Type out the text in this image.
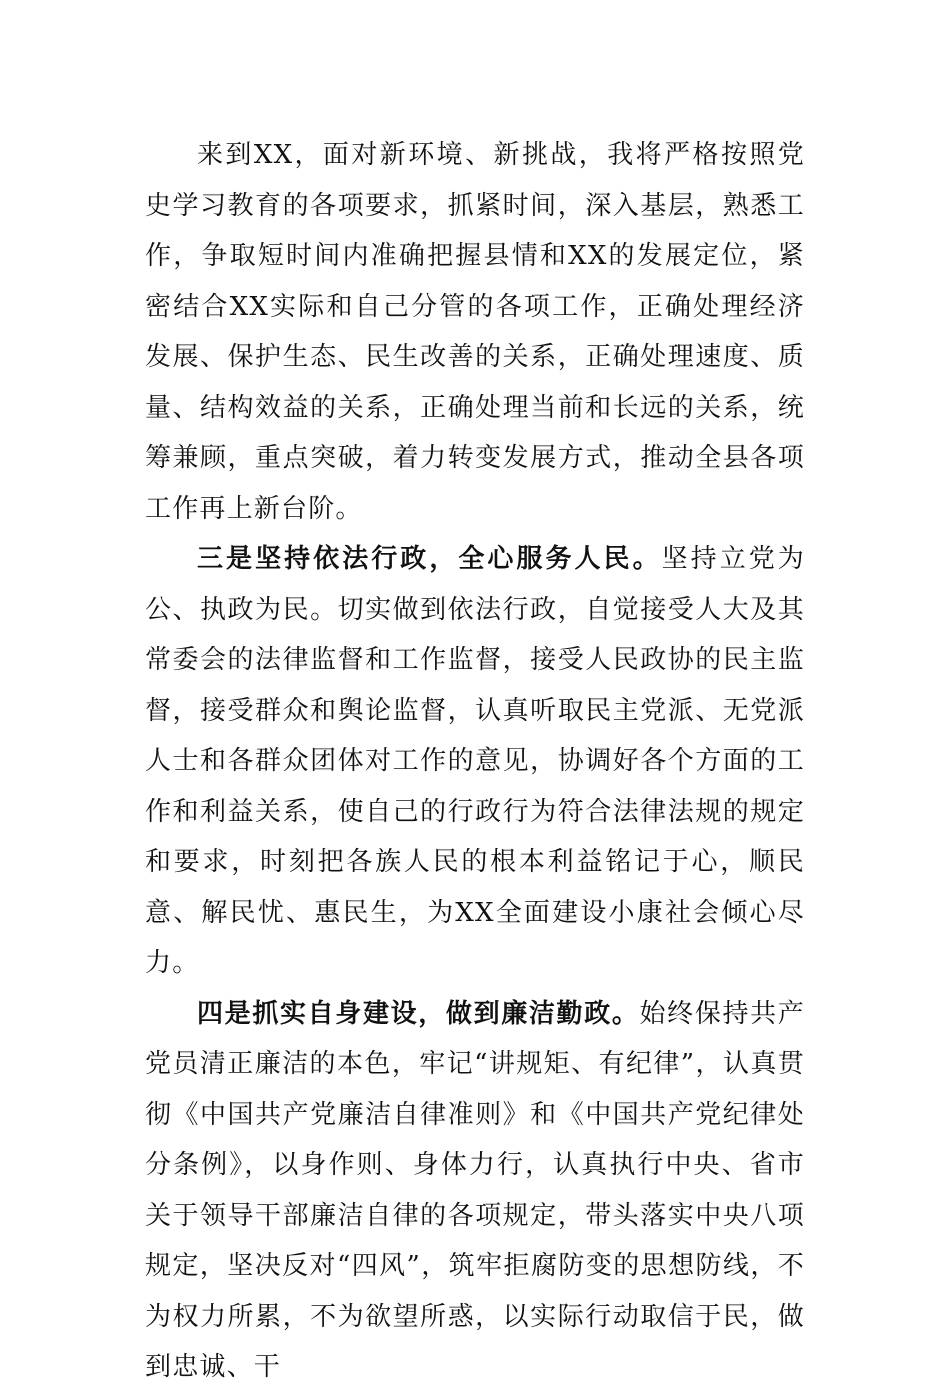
来到XX，面对新环境、新挑战，我将严格按照党史学习教育的各项要求，抓紧时间，深入基层，熟悉工作，争取短时间内准确把握县情和XX的发展定位，紧密结合XX实际和自己分管的各项工作，正确处理经济发展、保护生态、民生改善的关系，正确处理速度、质量、结构效益的关系，正确处理当前和长远的关系，统筹兼顾，重点突破，着力转变发展方式，推动全县各项工作再上新台阶。

三是坚持依法行政，全心服务人民。坚持立党为公、执政为民。切实做到依法行政，自觉接受人大及其常委会的法律监督和工作监督，接受人民政协的民主监督，接受群众和舆论监督，认真听取民主党派、无党派人士和各群众团体对工作的意见，协调好各个方面的工作和利益关系，使自己的行政行为符合法律法规的规定和要求，时刻把各族人民的根本利益铭记于心，顺民意、解民忧、惠民生，为XX全面建设小康社会倾心尽力。

四是抓实自身建设，做到廉洁勤政。始终保持共产党员清正廉洁的本色，牢记“讲规矩、有纪律”，认真贯彻《中国共产党廉洁自律准则》和《中国共产党纪律处分条例》，以身作则、身体力行，认真执行中央、省市关于领导干部廉洁自律的各项规定，带头落实中央八项规定，坚决反对“四风”，筑牢拒腐防变的思想防线，不为权力所累，不为欲望所惑，以实际行动取信于民，做到忠诚、干
